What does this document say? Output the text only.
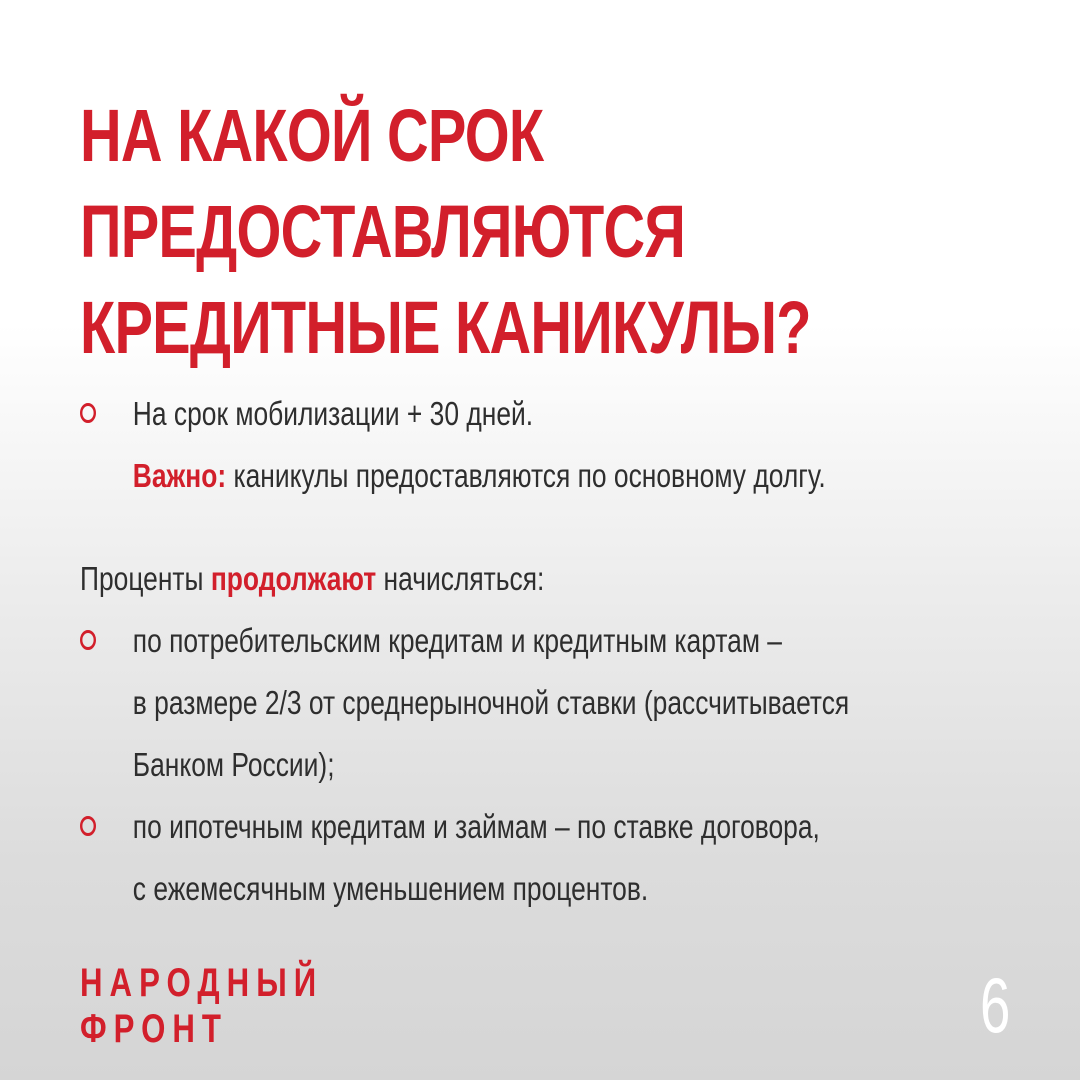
НА КАКОЙ СРОК
ПРЕДОСТАВЛЯЮТСЯ
КРЕДИТНЫЕ КАНИКУЛЫ?
На срок мобилизации + 30 дней.
Важно: каникулы предоставляются по основному долгу.
Проценты продолжают начисляться:
по потребительским кредитам и кредитным картам –
в размере 2/3 от среднерыночной ставки (рассчитывается
Банком России);
по ипотечным кредитам и займам – по ставке договора,
с ежемесячным уменьшением процентов.
НАРОДНЫЙ
ФРОНТ	6
